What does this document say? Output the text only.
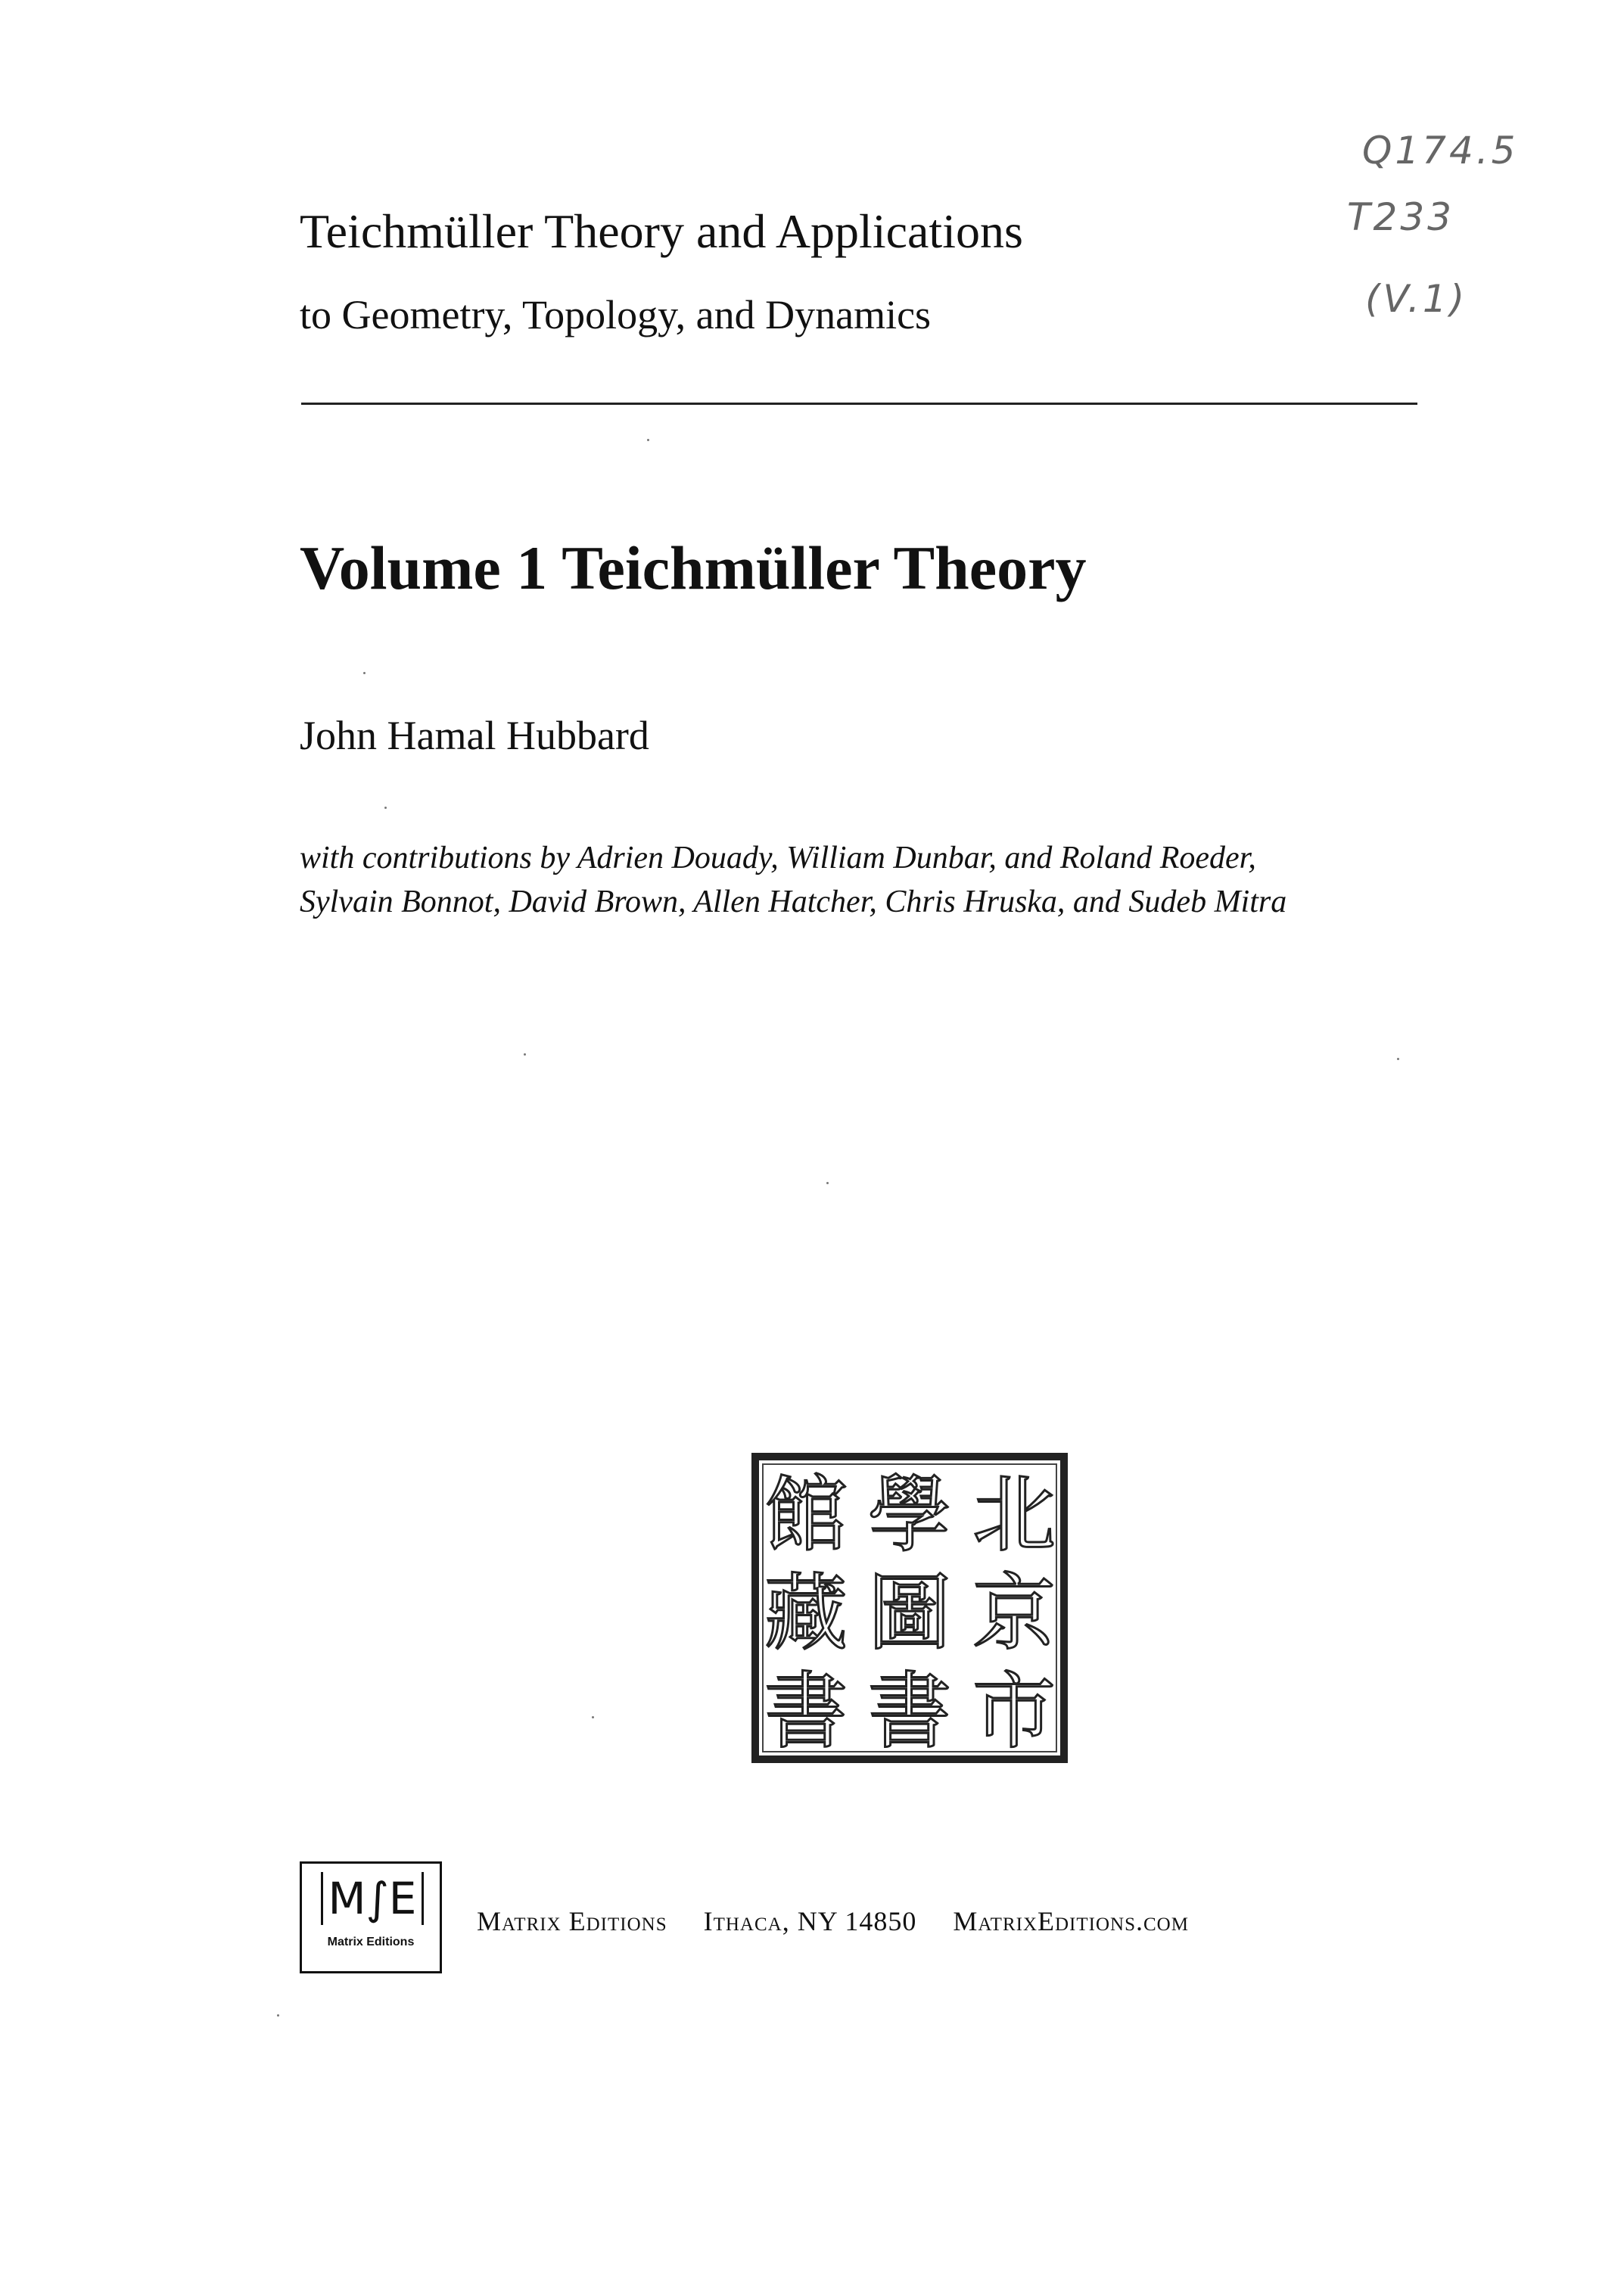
Teichmüller Theory and Applications
to Geometry, Topology, and Dynamics
Q174.5
T233
(V.1)
Volume 1 Teichmüller Theory
John Hamal Hubbard
with contributions by Adrien Douady, William Dunbar, and Roland Roeder,
Sylvain Bonnot, David Brown, Allen Hatcher, Chris Hruska, and Sudeb Mitra
北
京
市
學
圖
書
館
藏
書
M∫E
Matrix Editions
Matrix Editions Ithaca, NY 14850 MatrixEditions.com
